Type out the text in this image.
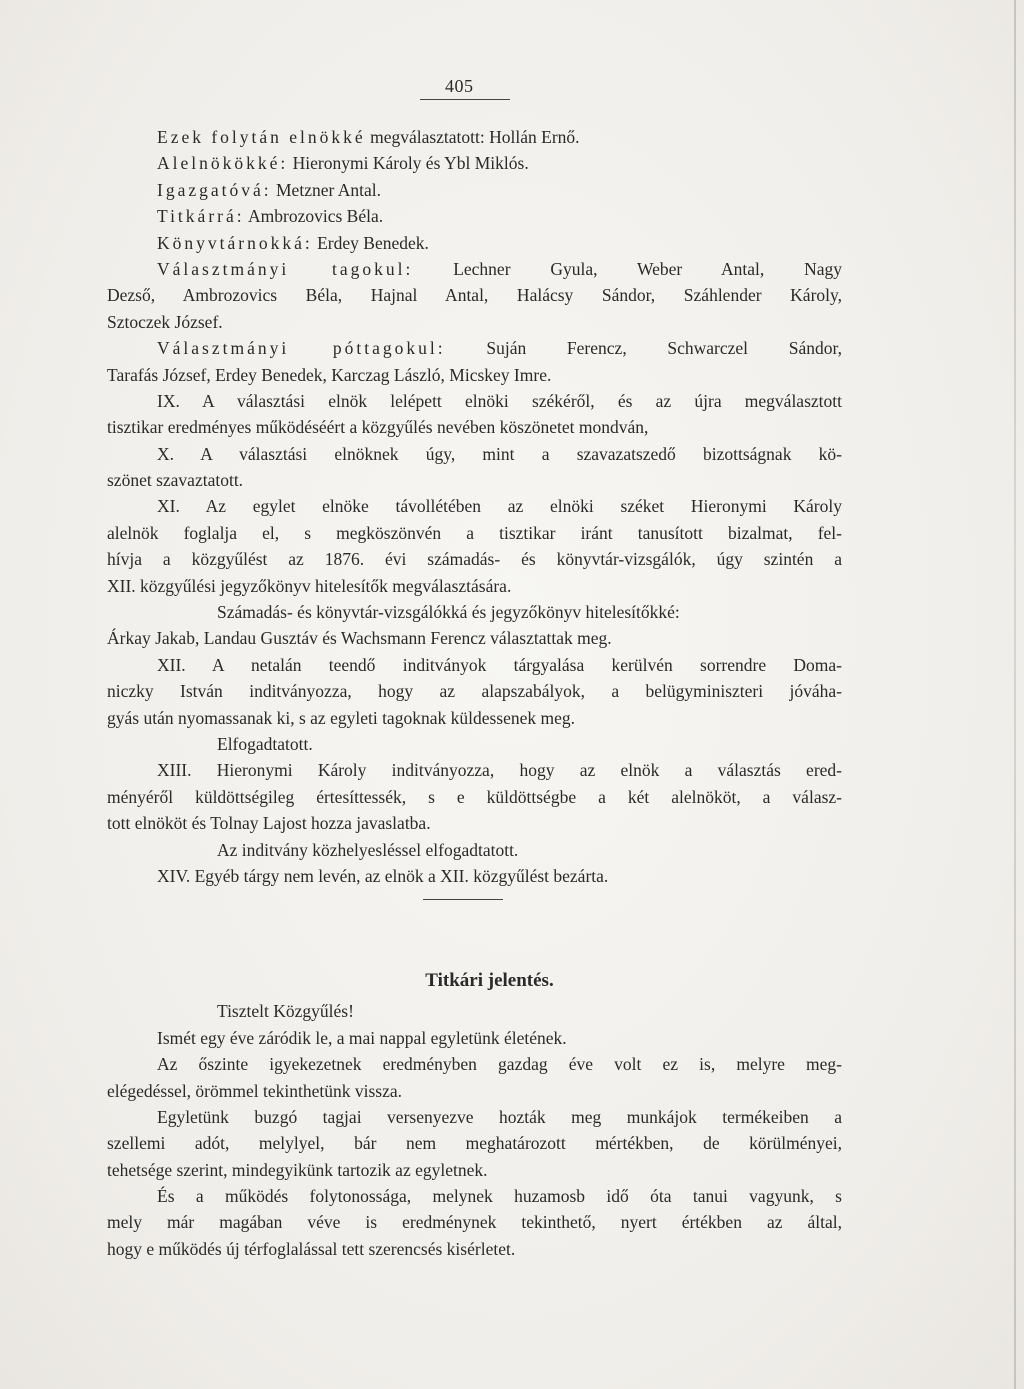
405
Ezek folytán elnökké megválasztatott: Hollán Ernő.
Alelnökökké: Hieronymi Károly és Ybl Miklós.
Igazgatóvá: Metzner Antal.
Titkárrá: Ambrozovics Béla.
Könyvtárnokká: Erdey Benedek.
Választmányi tagokul: Lechner Gyula, Weber Antal, Nagy
Dezső, Ambrozovics Béla, Hajnal Antal, Halácsy Sándor, Száhlender Károly,
Sztoczek József.
Választmányi póttagokul: Suján Ferencz, Schwarczel Sándor,
Tarafás József, Erdey Benedek, Karczag László, Micskey Imre.
IX. A választási elnök lelépett elnöki székéről, és az újra megválasztott
tisztikar eredményes működéséért a közgyűlés nevében köszönetet mondván,
X. A választási elnöknek úgy, mint a szavazatszedő bizottságnak kö-
szönet szavaztatott.
XI. Az egylet elnöke távollétében az elnöki széket Hieronymi Károly
alelnök foglalja el, s megköszönvén a tisztikar iránt tanusított bizalmat, fel-
hívja a közgyűlést az 1876. évi számadás- és könyvtár-vizsgálók, úgy szintén a
XII. közgyűlési jegyzőkönyv hitelesítők megválasztására.
Számadás- és könyvtár-vizsgálókká és jegyzőkönyv hitelesítőkké:
Árkay Jakab, Landau Gusztáv és Wachsmann Ferencz választattak meg.
XII. A netalán teendő inditványok tárgyalása kerülvén sorrendre Doma-
niczky István inditványozza, hogy az alapszabályok, a belügyminiszteri jóváha-
gyás után nyomassanak ki, s az egyleti tagoknak küldessenek meg.
Elfogadtatott.
XIII. Hieronymi Károly inditványozza, hogy az elnök a választás ered-
ményéről küldöttségileg értesíttessék, s e küldöttségbe a két alelnököt, a válasz-
tott elnököt és Tolnay Lajost hozza javaslatba.
Az inditvány közhelyesléssel elfogadtatott.
XIV. Egyéb tárgy nem levén, az elnök a XII. közgyűlést bezárta.
Titkári jelentés.
Tisztelt Közgyűlés!
Ismét egy éve záródik le, a mai nappal egyletünk életének.
Az őszinte igyekezetnek eredményben gazdag éve volt ez is, melyre meg-
elégedéssel, örömmel tekinthetünk vissza.
Egyletünk buzgó tagjai versenyezve hozták meg munkájok termékeiben a
szellemi adót, melylyel, bár nem meghatározott mértékben, de körülményei,
tehetsége szerint, mindegyikünk tartozik az egyletnek.
És a működés folytonossága, melynek huzamosb idő óta tanui vagyunk, s
mely már magában véve is eredménynek tekinthető, nyert értékben az által,
hogy e működés új térfoglalással tett szerencsés kisérletet.
